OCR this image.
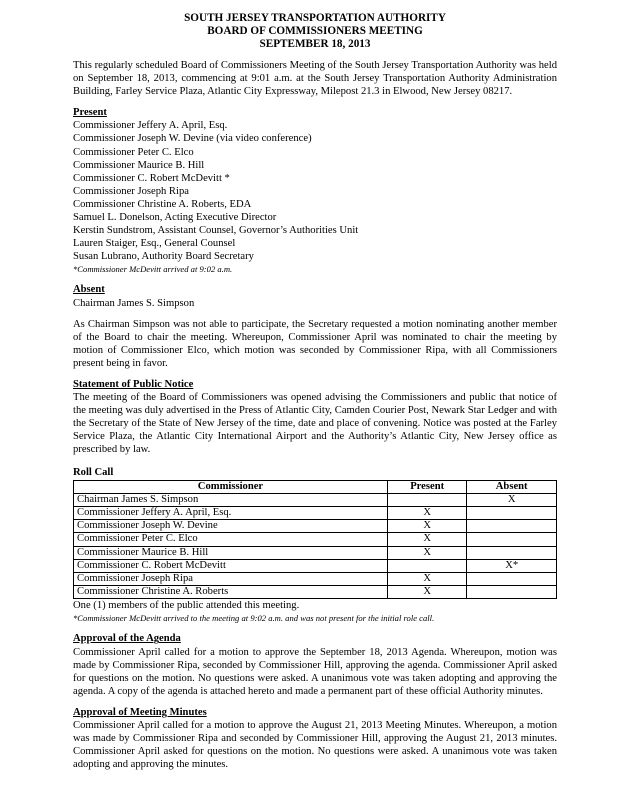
SOUTH JERSEY TRANSPORTATION AUTHORITY
BOARD OF COMMISSIONERS MEETING
SEPTEMBER 18, 2013

This regularly scheduled Board of Commissioners Meeting of the South Jersey Transportation Authority was held on September 18, 2013, commencing at 9:01 a.m. at the South Jersey Transportation Authority Administration Building, Farley Service Plaza, Atlantic City Expressway, Milepost 21.3 in Elwood, New Jersey 08217.

Present
Commissioner Jeffery A. April, Esq.
Commissioner Joseph W. Devine (via video conference)
Commissioner Peter C. Elco
Commissioner Maurice B. Hill
Commissioner C. Robert McDevitt *
Commissioner Joseph Ripa
Commissioner Christine A. Roberts, EDA
Samuel L. Donelson, Acting Executive Director
Kerstin Sundstrom, Assistant Counsel, Governor’s Authorities Unit
Lauren Staiger, Esq., General Counsel
Susan Lubrano, Authority Board Secretary
*Commissioner McDevitt arrived at 9:02 a.m.
Absent
Chairman James S. Simpson

As Chairman Simpson was not able to participate, the Secretary requested a motion nominating another member of the Board to chair the meeting. Whereupon, Commissioner April was nominated to chair the meeting by motion of Commissioner Elco, which motion was seconded by Commissioner Ripa, with all Commissioners present being in favor.

Statement of Public Notice

The meeting of the Board of Commissioners was opened advising the Commissioners and public that notice of the meeting was duly advertised in the Press of Atlantic City, Camden Courier Post, Newark Star Ledger and with the Secretary of the State of New Jersey of the time, date and place of convening. Notice was posted at the Farley Service Plaza, the Atlantic City International Airport and the Authority’s Atlantic City, New Jersey office as prescribed by law.

Roll Call
Commissioner	Present	Absent
Chairman James S. Simpson		X
Commissioner Jeffery A. April, Esq.	X	
Commissioner Joseph W. Devine	X	
Commissioner Peter C. Elco	X	
Commissioner Maurice B. Hill	X	
Commissioner C. Robert McDevitt		X*
Commissioner Joseph Ripa	X	
Commissioner Christine A. Roberts	X	
One (1) members of the public attended this meeting.
*Commissioner McDevitt arrived to the meeting at 9:02 a.m. and was not present for the initial role call.
Approval of the Agenda

Commissioner April called for a motion to approve the September 18, 2013 Agenda. Whereupon, motion was made by Commissioner Ripa, seconded by Commissioner Hill, approving the agenda. Commissioner April asked for questions on the motion. No questions were asked. A unanimous vote was taken adopting and approving the agenda. A copy of the agenda is attached hereto and made a permanent part of these official Authority minutes.

Approval of Meeting Minutes

Commissioner April called for a motion to approve the August 21, 2013 Meeting Minutes. Whereupon, a motion was made by Commissioner Ripa and seconded by Commissioner Hill, approving the August 21, 2013 minutes. Commissioner April asked for questions on the motion. No questions were asked. A unanimous vote was taken adopting and approving the minutes.
